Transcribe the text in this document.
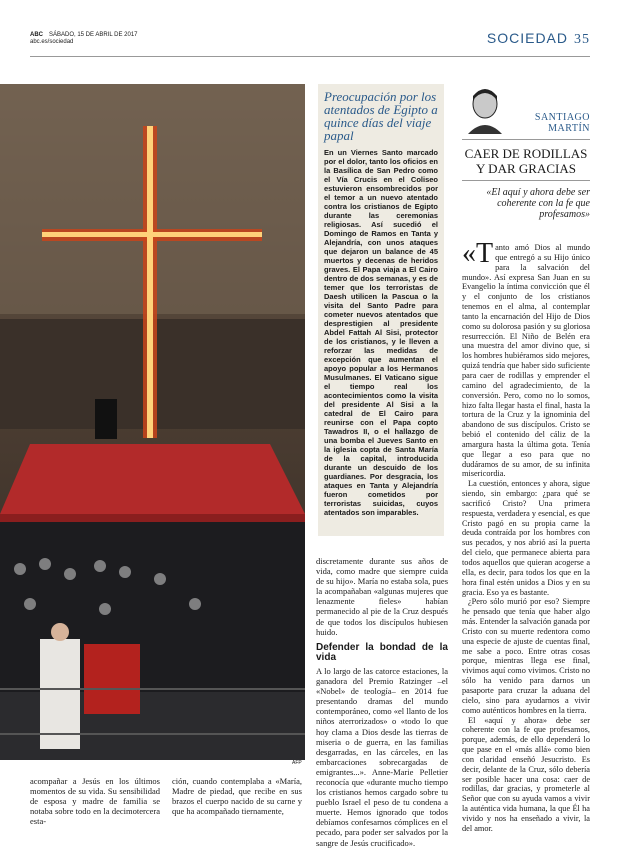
ABC SÁBADO, 15 DE ABRIL DE 2017
abc.es/sociedad	SOCIEDAD 35
AFP
Preocupación por los atentados de Egipto a quince días del viaje papal

En un Viernes Santo marcado por el dolor, tanto los oficios en la Basílica de San Pedro como el Vía Crucis en el Coliseo estuvieron ensombrecidos por el temor a un nuevo atentado contra los cristianos de Egipto durante las ceremonias religiosas. Así sucedió el Domingo de Ramos en Tanta y Alejandría, con unos ataques que dejaron un balance de 45 muertos y decenas de heridos graves. El Papa viaja a El Cairo dentro de dos semanas, y es de temer que los terroristas de Daesh utilicen la Pascua o la visita del Santo Padre para cometer nuevos atentados que desprestigien al presidente Abdel Fattah Al Sisi, protector de los cristianos, y le lleven a reforzar las medidas de excepción que aumentan el apoyo popular a los Hermanos Musulmanes. El Vaticano sigue el tiempo real los acontecimientos como la visita del presidente Al Sisi a la catedral de El Cairo para reunirse con el Papa copto Tawadros II, o el hallazgo de una bomba el Jueves Santo en la iglesia copta de Santa María de la capital, introducida durante un descuido de los guardianes. Por desgracia, los ataques en Tanta y Alejandría fueron cometidos por terroristas suicidas, cuyos atentados son imparables.

discretamente durante sus años de vida, como madre que siempre cuida de su hijo». María no estaba sola, pues la acompañaban «algunas mujeres que lenazmente fieles» habían permanecido al pie de la Cruz después de que todos los discípulos hubiesen huido.

Defender la bondad de la vida

A lo largo de las catorce estaciones, la ganadora del Premio Ratzinger –el «Nobel» de teología– en 2014 fue presentando dramas del mundo contemporáneo, como «el llanto de los niños aterrorizados» o «todo lo que hoy clama a Dios desde las tierras de miseria o de guerra, en las familias desgarradas, en las cárceles, en las embarcaciones sobrecargadas de emigrantes...». Anne-Marie Pelletier reconocía que «durante mucho tiempo los cristianos hemos cargado sobre tu pueblo Israel el peso de tu condena a muerte. Hemos ignorado que todos debíamos confesarnos cómplices en el pecado, para poder ser salvados por la sangre de Jesús crucificado».

acompañar a Jesús en los últimos momentos de su vida. Su sensibilidad de esposa y madre de familia se notaba sobre todo en la decimotercera esta-

ción, cuando contemplaba a «María, Madre de piedad, que recibe en sus brazos el cuerpo nacido de su carne y que ha acompañado tiernamente,

SANTIAGO
MARTÍN
CAER DE RODILLAS Y DAR GRACIAS
«El aquí y ahora debe ser coherente con la fe que profesamos»

«Tanto amó Dios al mundo que entregó a su Hijo único para la salvación del mundo». Así expresa San Juan en su Evangelio la íntima convicción que él y el conjunto de los cristianos tenemos en el alma, al contemplar tanto la encarnación del Hijo de Dios como su dolorosa pasión y su gloriosa resurrección. El Niño de Belén era una muestra del amor divino que, si los hombres hubiéramos sido mejores, quizá tendría que haber sido suficiente para caer de rodillas y emprender el camino del agradecimiento, de la conversión. Pero, como no lo somos, hizo falta llegar hasta el final, hasta la tortura de la Cruz y la ignominia del abandono de sus discípulos. Cristo se bebió el contenido del cáliz de la amargura hasta la última gota. Tenía que llegar a eso para que no dudáramos de su amor, de su infinita misericordia.

La cuestión, entonces y ahora, sigue siendo, sin embargo: ¿para qué se sacrificó Cristo? Una primera respuesta, verdadera y esencial, es que Cristo pagó en su propia carne la deuda contraída por los hombres con sus pecados, y nos abrió así la puerta del cielo, que permanece abierta para todos aquellos que quieran acogerse a ella, es decir, para todos los que en la hora final estén unidos a Dios y en su gracia. Eso ya es bastante.

¿Pero sólo murió por eso? Siempre he pensado que tenía que haber algo más. Entender la salvación ganada por Cristo con su muerte redentora como una especie de ajuste de cuentas final, me sabe a poco. Entre otras cosas porque, mientras llega ese final, vivimos aquí como vivimos. Cristo no sólo ha venido para darnos un pasaporte para cruzar la aduana del cielo, sino para ayudarnos a vivir como auténticos hombres en la tierra.

El «aquí y ahora» debe ser coherente con la fe que profesamos, porque, además, de ello dependerá lo que pase en el «más allá» como bien con claridad enseñó Jesucristo. Es decir, delante de la Cruz, sólo debería ser posible hacer una cosa: caer de rodillas, dar gracias, y prometerle al Señor que con su ayuda vamos a vivir la auténtica vida humana, la que Él ha vivido y nos ha enseñado a vivir, la del amor.
